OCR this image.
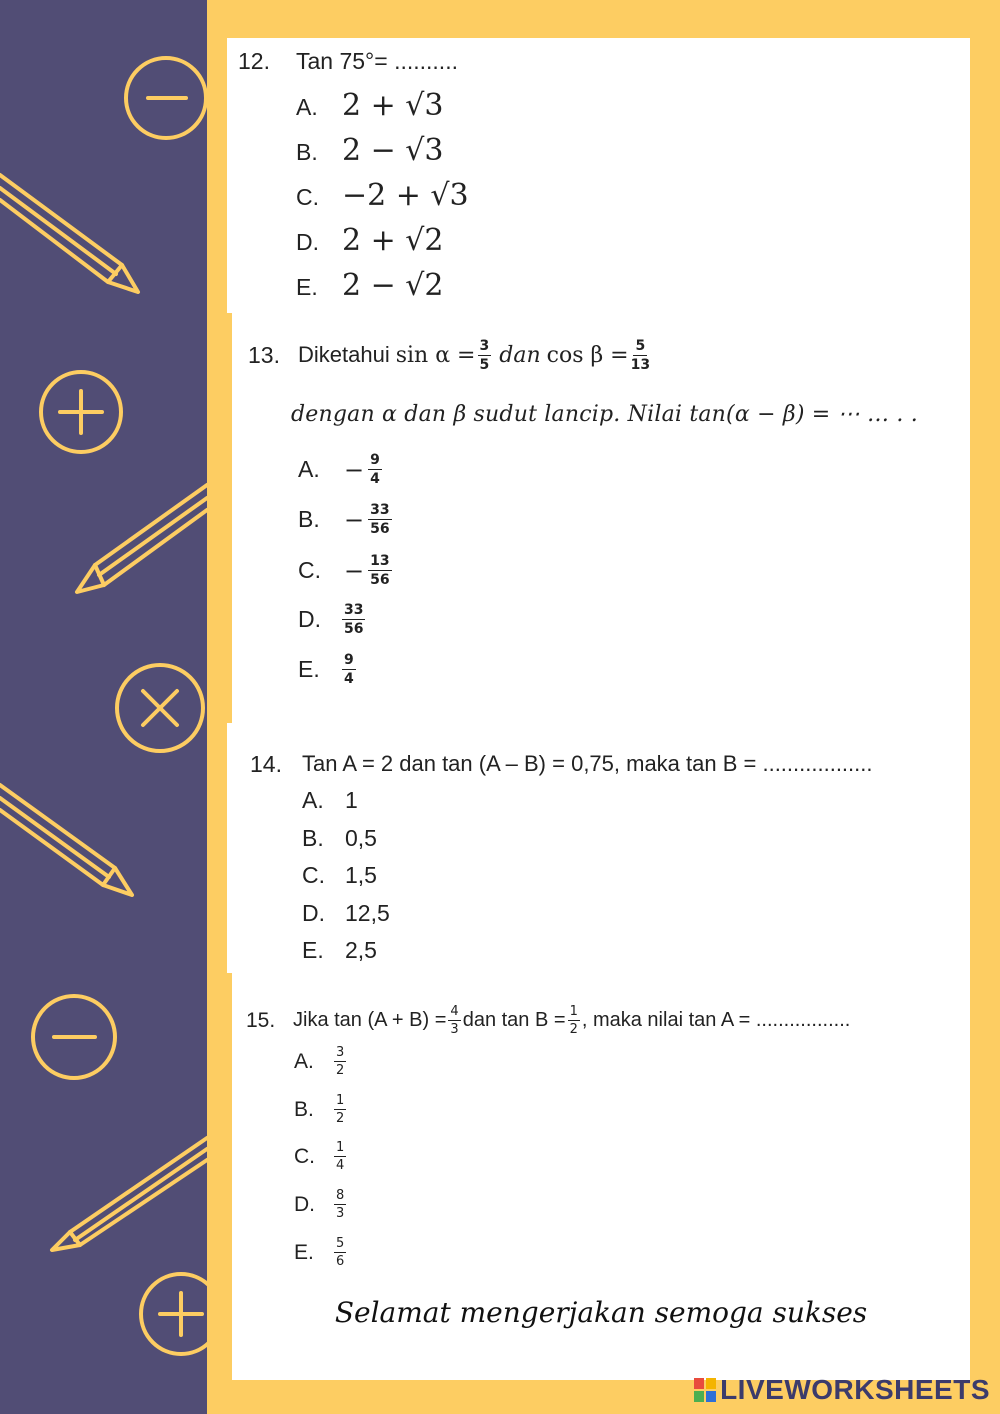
12. Tan 75°= ..........
A. 2 + √3
B. 2 − √3
C. −2 + √3
D. 2 + √2
E. 2 − √2
13. Diketahui $\sin \alpha = \frac{3}{5}$ dan $\cos \beta = \frac{5}{13}$
dengan α dan β sudut lancip. Nilai tan(α − β) = ⋯ … . .
A.	− $\frac{9}{4}$
B.	− $\frac{33}{56}$
C. − $\frac{13}{56}$
D.	$\frac{33}{56}$
E.	$\frac{9}{4}$
14. Tan A = 2 dan tan (A – B) = 0,75, maka tan B = ..................
A. 1
B. 0,5
C. 1,5
D. 12,5
E. 2,5
15. Jika $\tan (A + B) = \frac{4}{3}$ dan $\tan B = \frac{1}{2}$ , maka nilai tan A = .................
A.	$\frac{3}{2}$
B.	$\frac{1}{2}$
C.	$\frac{1}{4}$
D.	$\frac{8}{3}$
E.	$\frac{5}{6}$
Selamat mengerjakan semoga sukses
LIVEWORKSHEETS
